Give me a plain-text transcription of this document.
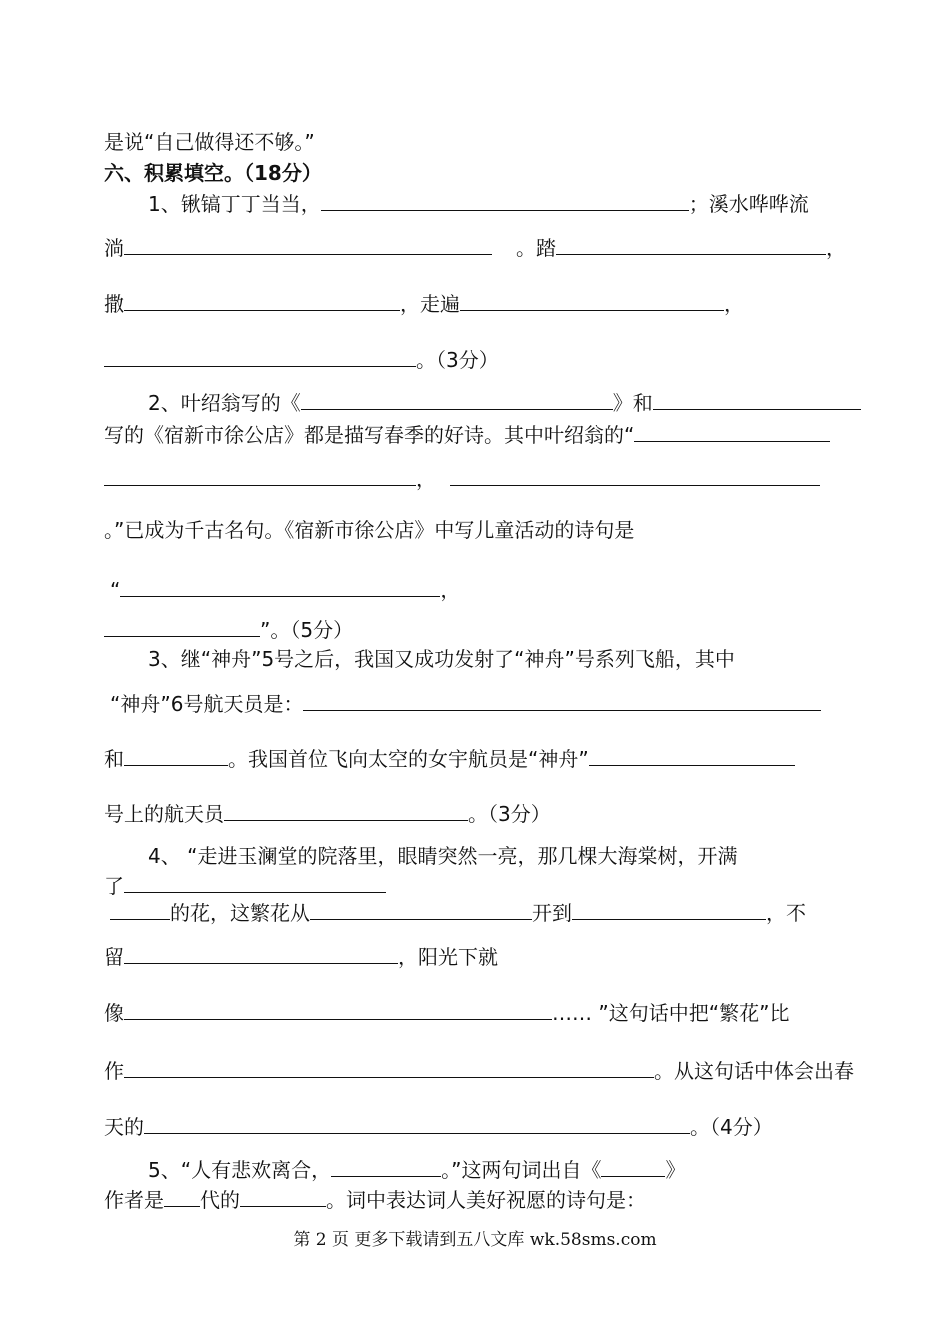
是说“自己做得还不够。”
六、积累填空。（18分）
1、锹镐丁丁当当，	；溪水哗哗流
淌	。踏	，
撒	，走遍	，
。（3分）
2、叶绍翁写的《	》和
写的《宿新市徐公店》都是描写春季的好诗。其中叶绍翁的“
，
。”已成为千古名句。《宿新市徐公店》中写儿童活动的诗句是
“	，
”。（5分）
3、继“神舟”5号之后，我国又成功发射了“神舟”号系列飞船，其中
“神舟”6号航天员是：
和	。我国首位飞向太空的女宇航员是“神舟”
号上的航天员	。（3分）
4、 “走进玉澜堂的院落里，眼睛突然一亮，那几棵大海棠树，开满
了
的花，这繁花从	开到	，不
留	，阳光下就
像	…… ”这句话中把“繁花”比
作	。从这句话中体会出春
天的	。（4分）
5、“人有悲欢离合，	。”这两句词出自《	》
作者是 代的	。词中表达词人美好祝愿的诗句是：
第 2 页 更多下载请到五八文库 wk.58sms.com
